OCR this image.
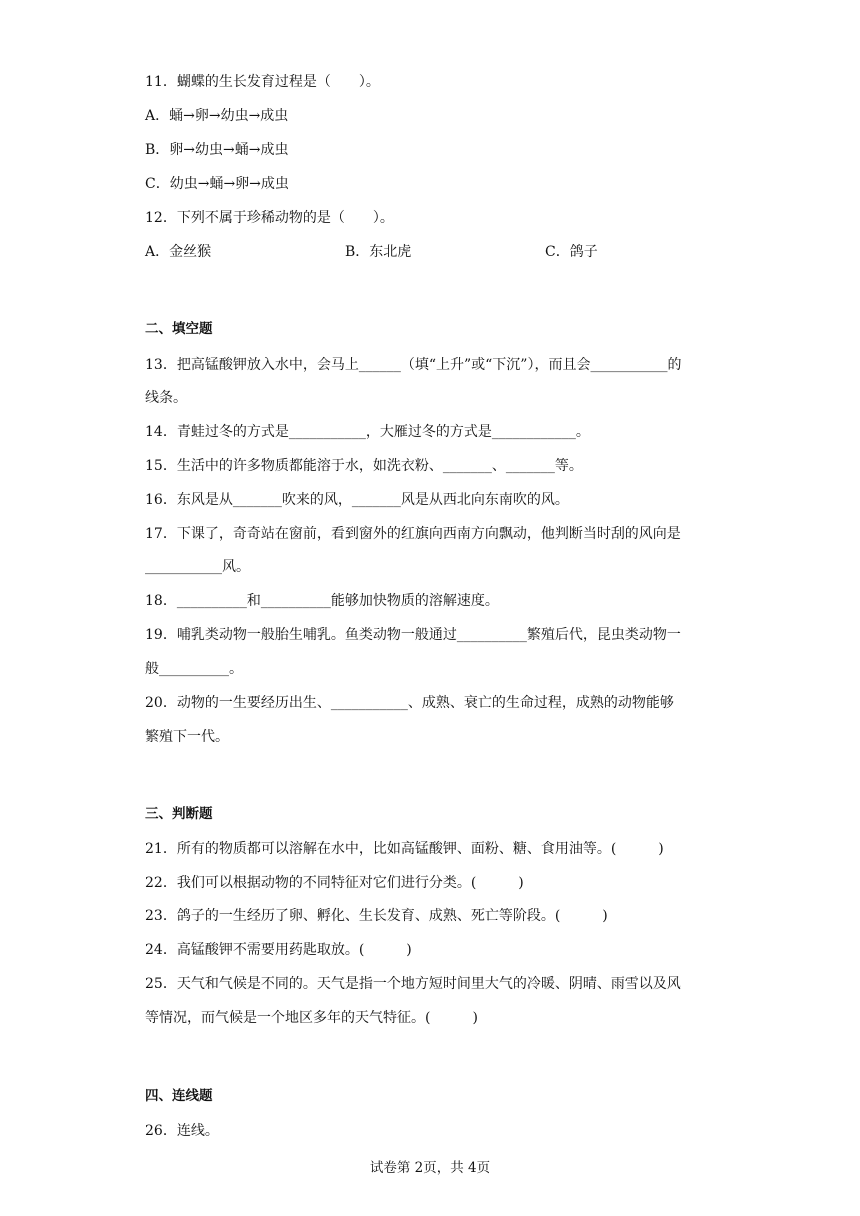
11．蝴蝶的生长发育过程是（　　）。
A．蛹→卵→幼虫→成虫
B．卵→幼虫→蛹→成虫
C．幼虫→蛹→卵→成虫
12．下列不属于珍稀动物的是（　　）。
A．金丝猴	B．东北虎	C．鸽子
二、填空题
13．把高锰酸钾放入水中，会马上______（填“上升”或“下沉”），而且会___________的
线条。
14．青蛙过冬的方式是___________，大雁过冬的方式是____________。
15．生活中的许多物质都能溶于水，如洗衣粉、_______、_______等。
16．东风是从_______吹来的风，_______风是从西北向东南吹的风。
17．下课了，奇奇站在窗前，看到窗外的红旗向西南方向飘动，他判断当时刮的风向是
___________风。
18．__________和__________能够加快物质的溶解速度。
19．哺乳类动物一般胎生哺乳。鱼类动物一般通过__________繁殖后代，昆虫类动物一
般__________。
20．动物的一生要经历出生、___________、成熟、衰亡的生命过程，成熟的动物能够
繁殖下一代。
三、判断题
21．所有的物质都可以溶解在水中，比如高锰酸钾、面粉、糖、食用油等。(　　　)
22．我们可以根据动物的不同特征对它们进行分类。(　　　)
23．鸽子的一生经历了卵、孵化、生长发育、成熟、死亡等阶段。(　　　)
24．高锰酸钾不需要用药匙取放。(　　　)
25．天气和气候是不同的。天气是指一个地方短时间里大气的冷暖、阴晴、雨雪以及风
等情况，而气候是一个地区多年的天气特征。(　　　)
四、连线题
26．连线。
试卷第 2页，共 4页
